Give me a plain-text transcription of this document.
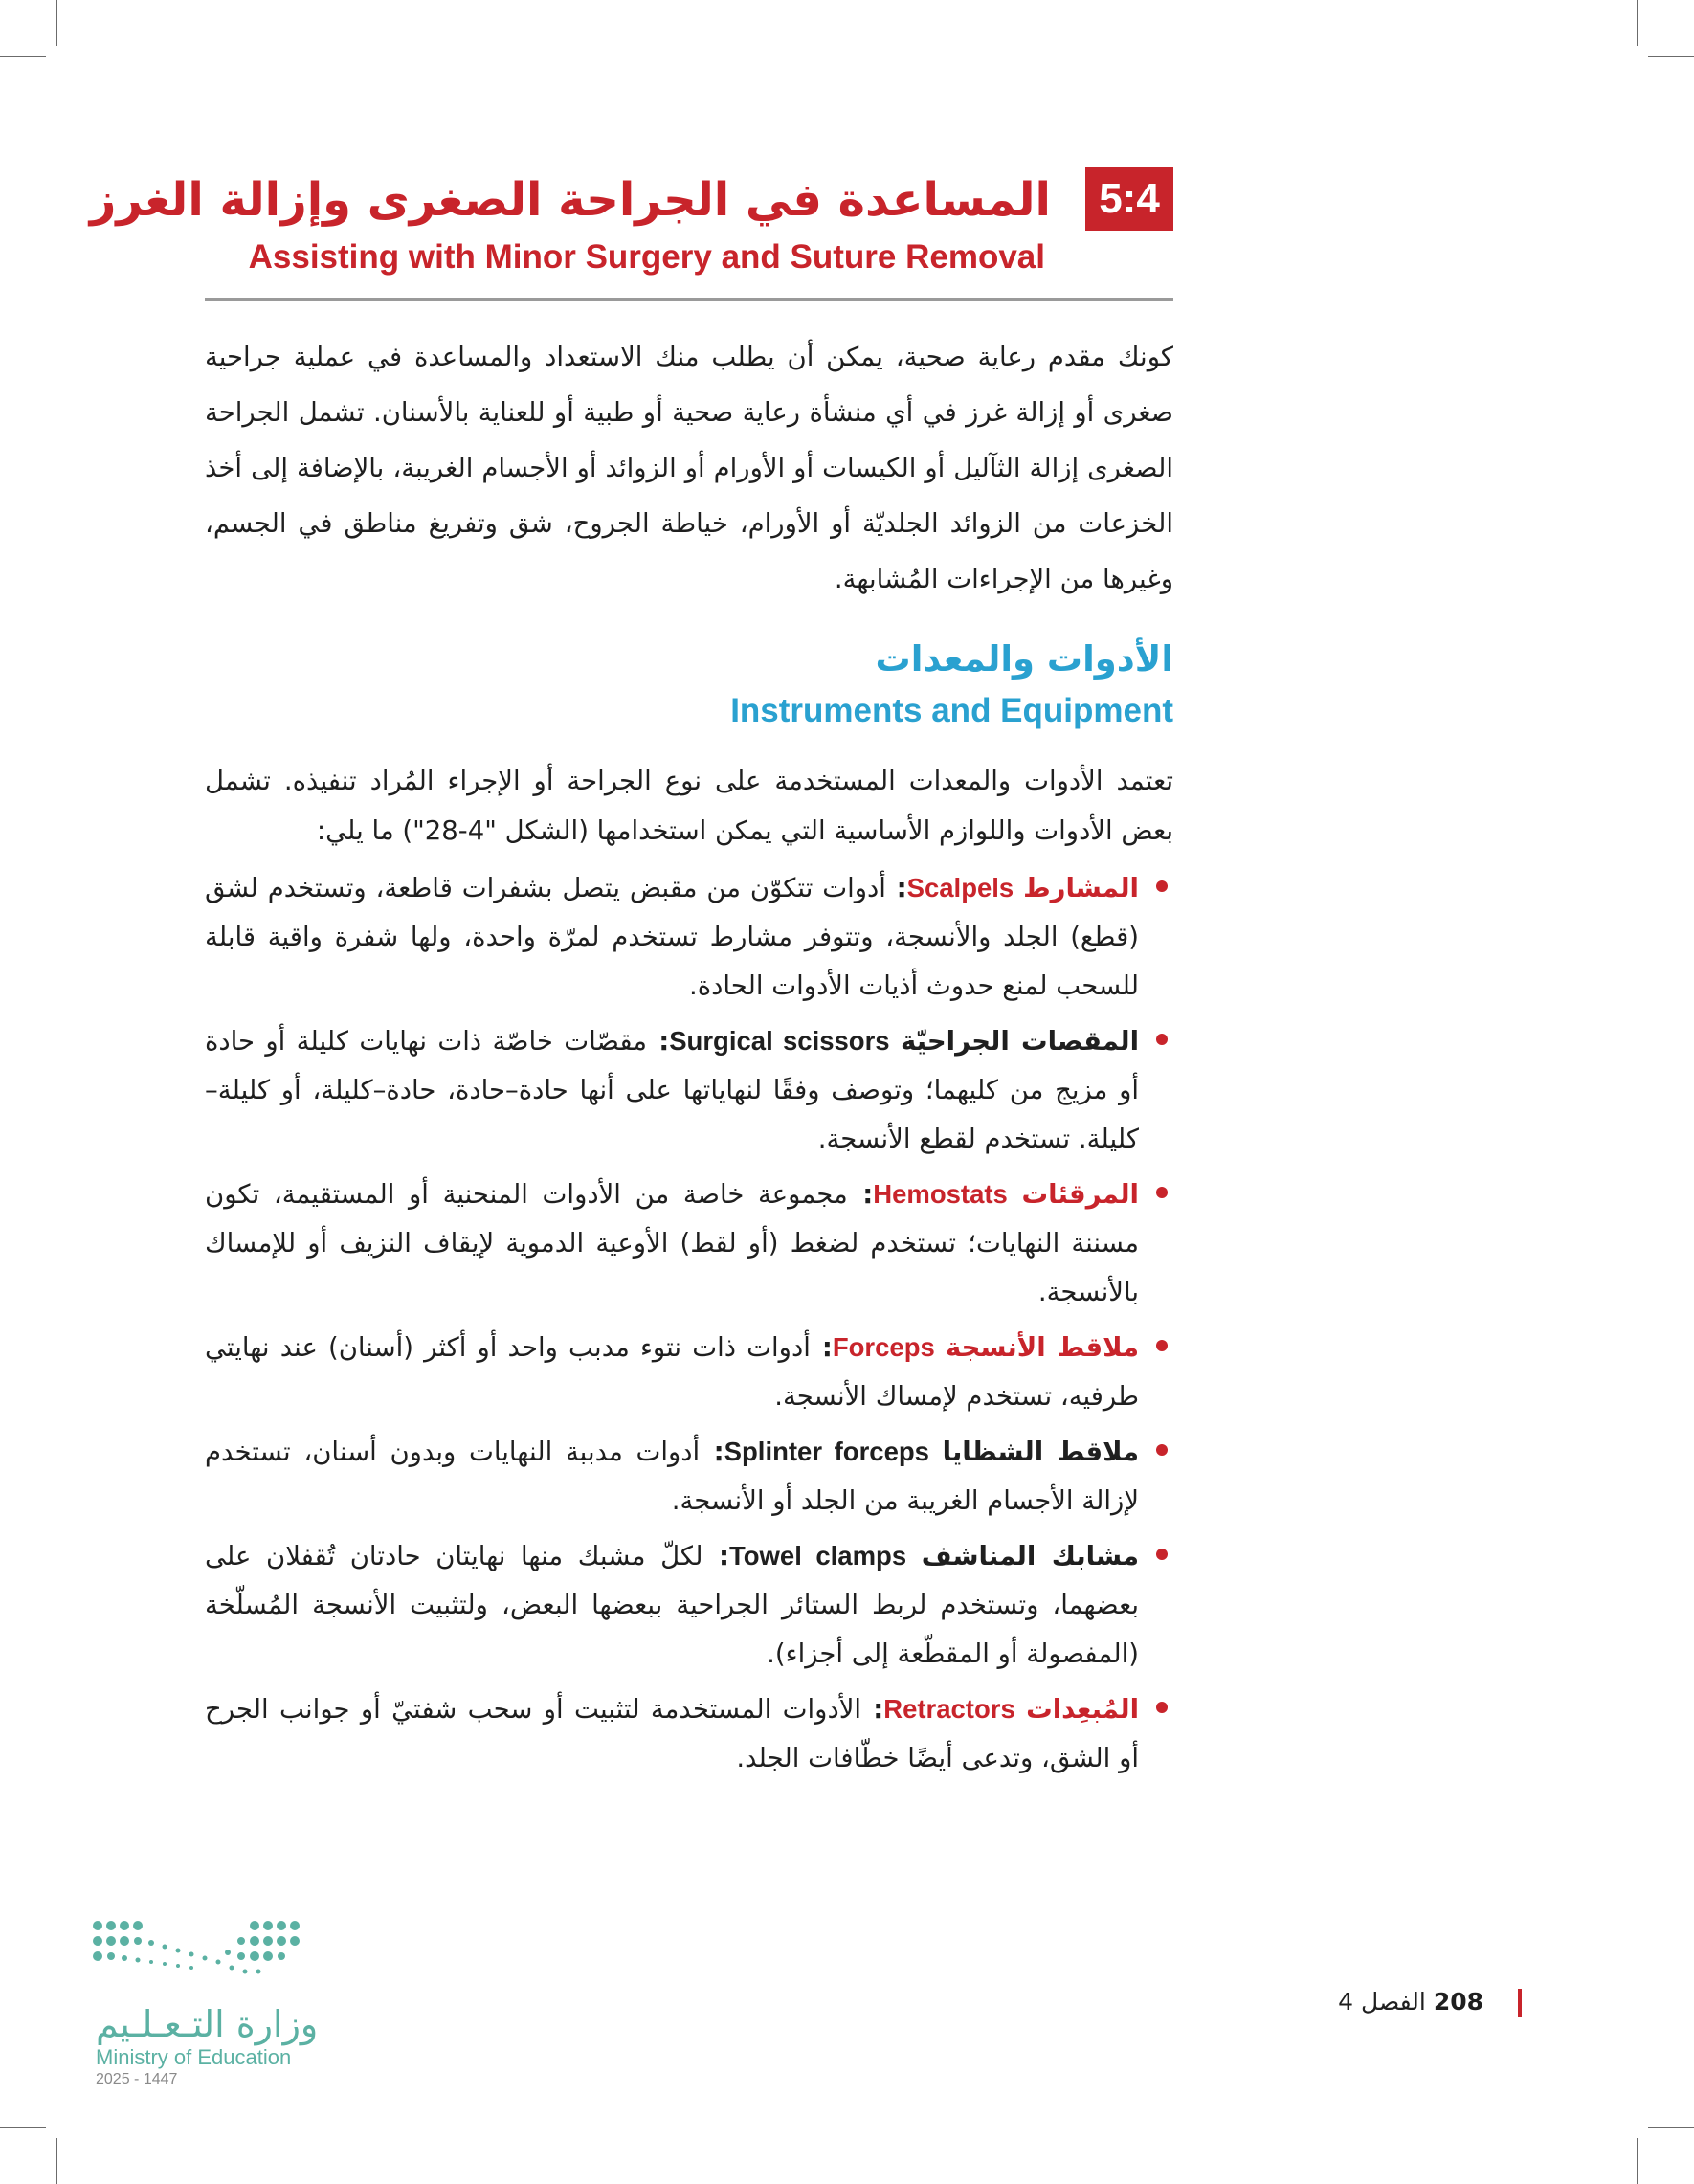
5:4
المساعدة في الجراحة الصغرى وإزالة الغرز
Assisting with Minor Surgery and Suture Removal

كونك مقدم رعاية صحية، يمكن أن يطلب منك الاستعداد والمساعدة في عملية جراحية صغرى أو إزالة غرز في أي منشأة رعاية صحية أو طبية أو للعناية بالأسنان. تشمل الجراحة الصغرى إزالة الثآليل أو الكيسات أو الأورام أو الزوائد أو الأجسام الغريبة، بالإضافة إلى أخذ الخزعات من الزوائد الجلديّة أو الأورام، خياطة الجروح، شق وتفريغ مناطق في الجسم، وغيرها من الإجراءات المُشابهة.

الأدوات والمعدات
Instruments and Equipment

تعتمد الأدوات والمعدات المستخدمة على نوع الجراحة أو الإجراء المُراد تنفيذه. تشمل بعض الأدوات واللوازم الأساسية التي يمكن استخدامها (الشكل "4-28") ما يلي:

المشارط Scalpels: أدوات تتكوّن من مقبض يتصل بشفرات قاطعة، وتستخدم لشق (قطع) الجلد والأنسجة، وتتوفر مشارط تستخدم لمرّة واحدة، ولها شفرة واقية قابلة للسحب لمنع حدوث أذيات الأدوات الحادة.
المقصات الجراحيّة Surgical scissors: مقصّات خاصّة ذات نهايات كليلة أو حادة أو مزيج من كليهما؛ وتوصف وفقًا لنهاياتها على أنها حادة–حادة، حادة–كليلة، أو كليلة–كليلة. تستخدم لقطع الأنسجة.
المرقئات Hemostats: مجموعة خاصة من الأدوات المنحنية أو المستقيمة، تكون مسننة النهايات؛ تستخدم لضغط (أو لقط) الأوعية الدموية لإيقاف النزيف أو للإمساك بالأنسجة.
ملاقط الأنسجة Forceps: أدوات ذات نتوء مدبب واحد أو أكثر (أسنان) عند نهايتي طرفيه، تستخدم لإمساك الأنسجة.
ملاقط الشظايا Splinter forceps: أدوات مدببة النهايات وبدون أسنان، تستخدم لإزالة الأجسام الغريبة من الجلد أو الأنسجة.
مشابك المناشف Towel clamps: لكلّ مشبك منها نهايتان حادتان تُقفلان على بعضهما، وتستخدم لربط الستائر الجراحية ببعضها البعض، ولتثبيت الأنسجة المُسلّخة (المفصولة أو المقطّعة إلى أجزاء).
المُبعِدات Retractors: الأدوات المستخدمة لتثبيت أو سحب شفتيّ أو جوانب الجرح أو الشق، وتدعى أيضًا خطّافات الجلد.
وزارة التـعـلـيم
Ministry of Education
2025 - 1447
208 الفصل 4
